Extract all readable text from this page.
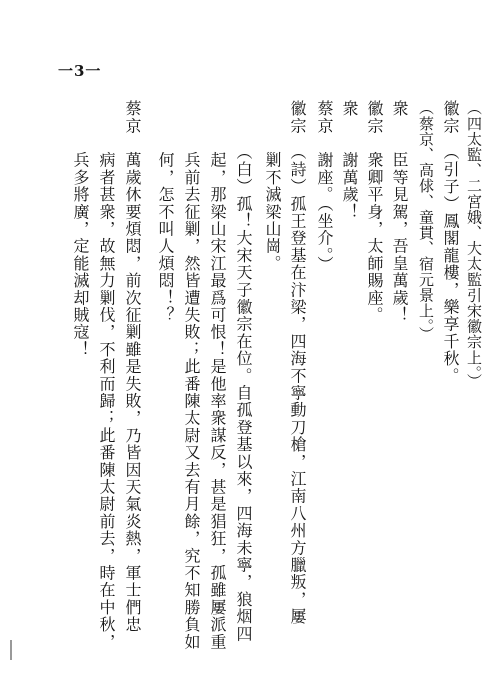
一3一
（四太監、二宮娥、大太監引宋徽宗上。）
徽宗　（引子）鳳閣龍樓，樂享千秋。
（蔡京、高俅、童貫、宿元景上。）
衆　　臣等見駕，吾皇萬歲！
徽宗　衆卿平身，太師賜座。
衆　　謝萬歲！
蔡京　謝座。（坐介。）
徽宗　（詩）孤王登基在汴梁，四海不寧動刀槍，江南八州方臘叛，屢
　　　剿不滅梁山崗。
　　　（白）孤！大宋天子徽宗在位。自孤登基以來，四海未寧，狼烟四
　　　起，那梁山宋江最爲可恨！是他率衆謀反，甚是猖狂，孤雖屢派重
　　　兵前去征剿，然皆遭失敗；此番陳太尉又去有月餘，究不知勝負如
　　　何，怎不叫人煩悶！？
蔡京　萬歲休要煩悶，前次征剿雖是失敗，乃皆因天氣炎熱，軍士們忠
　　　病者甚衆，故無力剿伐，不利而歸；此番陳太尉前去，時在中秋，
　　　兵多將廣，定能滅却賊寇！
